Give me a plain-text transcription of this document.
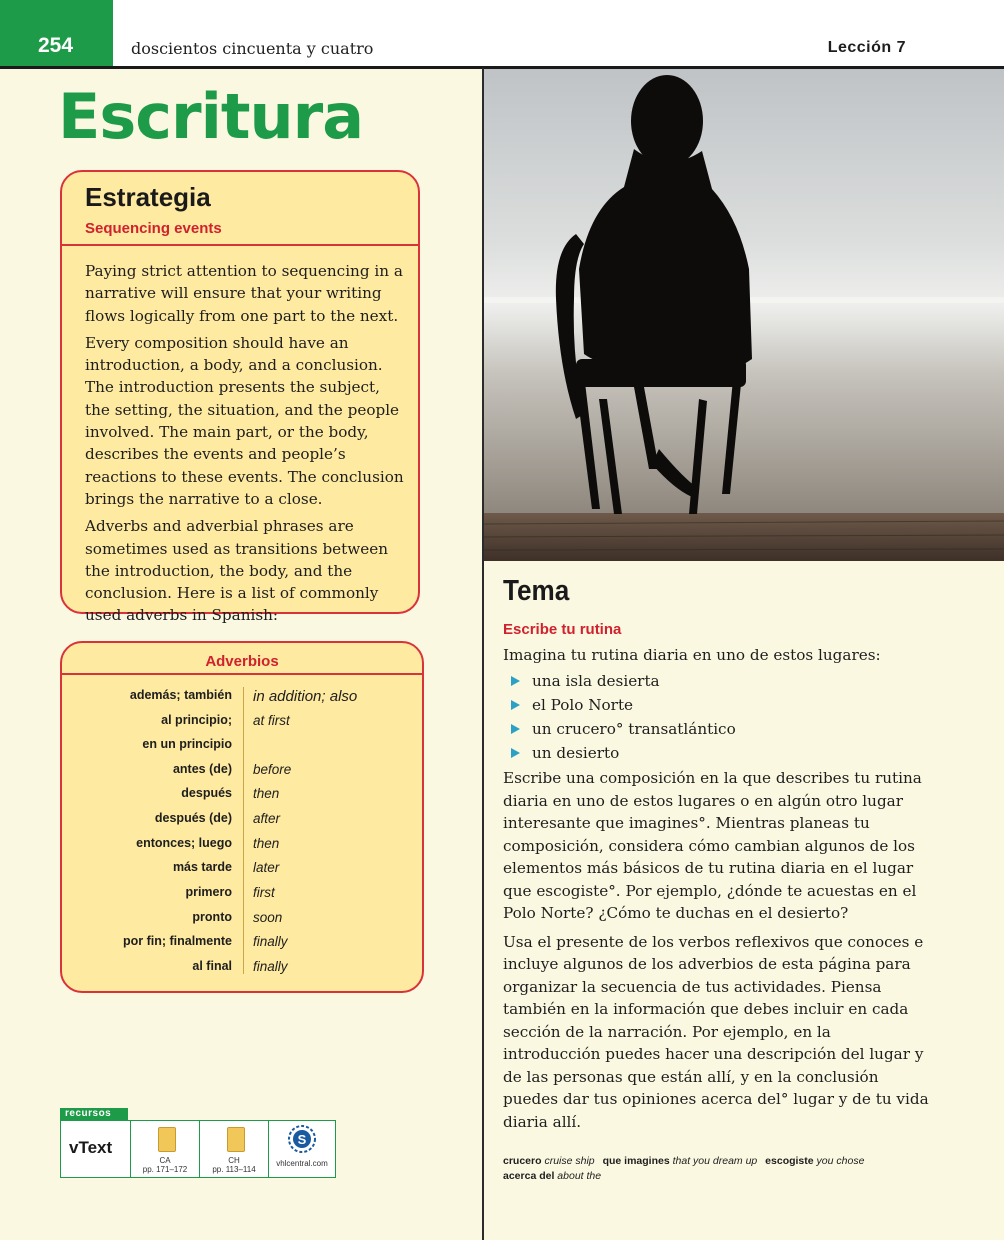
254	doscientos cincuenta y cuatro	Lección 7
Escritura
Estrategia
Sequencing events

Paying strict attention to sequencing in a narrative will ensure that your writing flows logically from one part to the next.

Every composition should have an introduction, a body, and a conclusion. The introduction presents the subject, the setting, the situation, and the people involved. The main part, or the body, describes the events and people’s reactions to these events. The conclusion brings the narrative to a close.

Adverbs and adverbial phrases are sometimes used as transitions between the introduction, the body, and the conclusion. Here is a list of commonly used adverbs in Spanish:

Adverbios
además; también in addition; also
al principio; at first
en un principio
antes (de) before
después then
después (de) after
entonces; luego then
más tarde later
primero first
pronto soon
por fin; finalmente finally
al final finally
recursos
vText
CA
pp. 171–172
CH
pp. 113–114
S
vhlcentral.com
Tema
Escribe tu rutina
Imagina tu rutina diaria en uno de estos lugares:
una isla desierta
el Polo Norte
un crucero° transatlántico
un desierto

Escribe una composición en la que describes tu rutina diaria en uno de estos lugares o en algún otro lugar interesante que imagines°. Mientras planeas tu composición, considera cómo cambian algunos de los elementos más básicos de tu rutina diaria en el lugar que escogiste°. Por ejemplo, ¿dónde te acuestas en el Polo Norte? ¿Cómo te duchas en el desierto?

Usa el presente de los verbos reflexivos que conoces e incluye algunos de los adverbios de esta página para organizar la secuencia de tus actividades. Piensa también en la información que debes incluir en cada sección de la narración. Por ejemplo, en la introducción puedes hacer una descripción del lugar y de las personas que están allí, y en la conclusión puedes dar tus opiniones acerca del° lugar y de tu vida diaria allí.

crucero cruise ship que imagines that you dream up escogiste you chose
acerca del about the
